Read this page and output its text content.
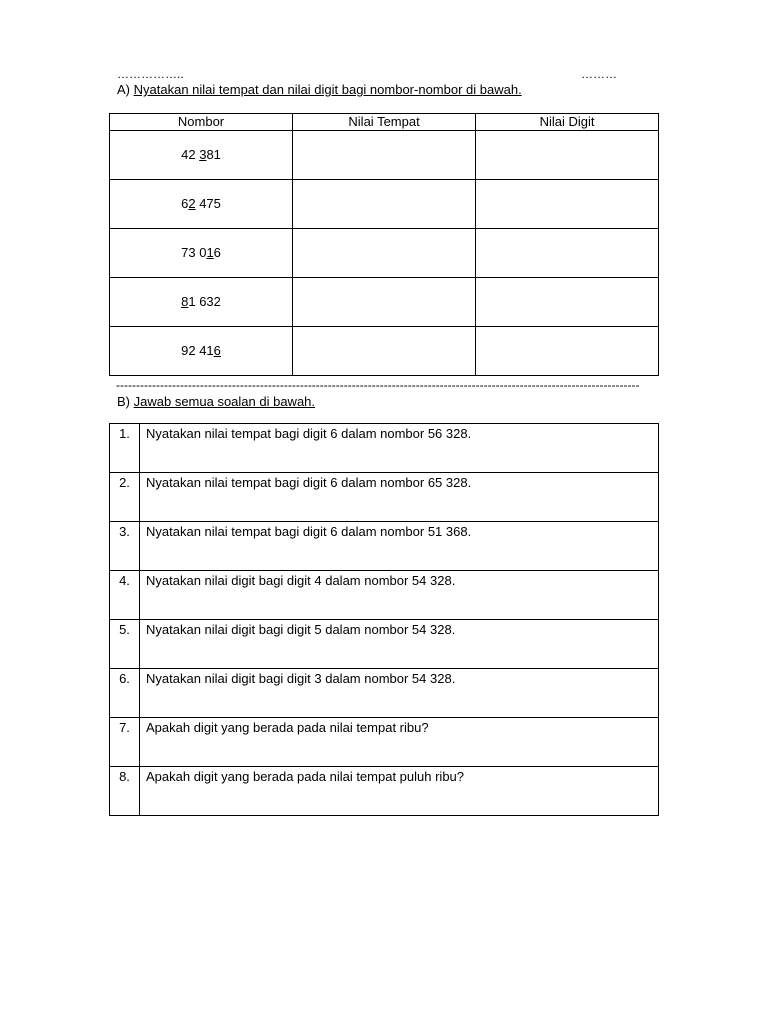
……………..	………
A) Nyatakan nilai tempat dan nilai digit bagi nombor-nombor di bawah.
Nombor	Nilai Tempat	Nilai Digit
42 381		
62 475		
73 016		
81 632		
92 416		
-----------------------------------------------------------------------------------------------------------------------------------
B) Jawab semua soalan di bawah.
1.	Nyatakan nilai tempat bagi digit 6 dalam nombor 56 328.
2.	Nyatakan nilai tempat bagi digit 6 dalam nombor 65 328.
3.	Nyatakan nilai tempat bagi digit 6 dalam nombor 51 368.
4.	Nyatakan nilai digit bagi digit 4 dalam nombor 54 328.
5.	Nyatakan nilai digit bagi digit 5 dalam nombor 54 328.
6.	Nyatakan nilai digit bagi digit 3 dalam nombor 54 328.
7.	Apakah digit yang berada pada nilai tempat ribu?
8.	Apakah digit yang berada pada nilai tempat puluh ribu?
